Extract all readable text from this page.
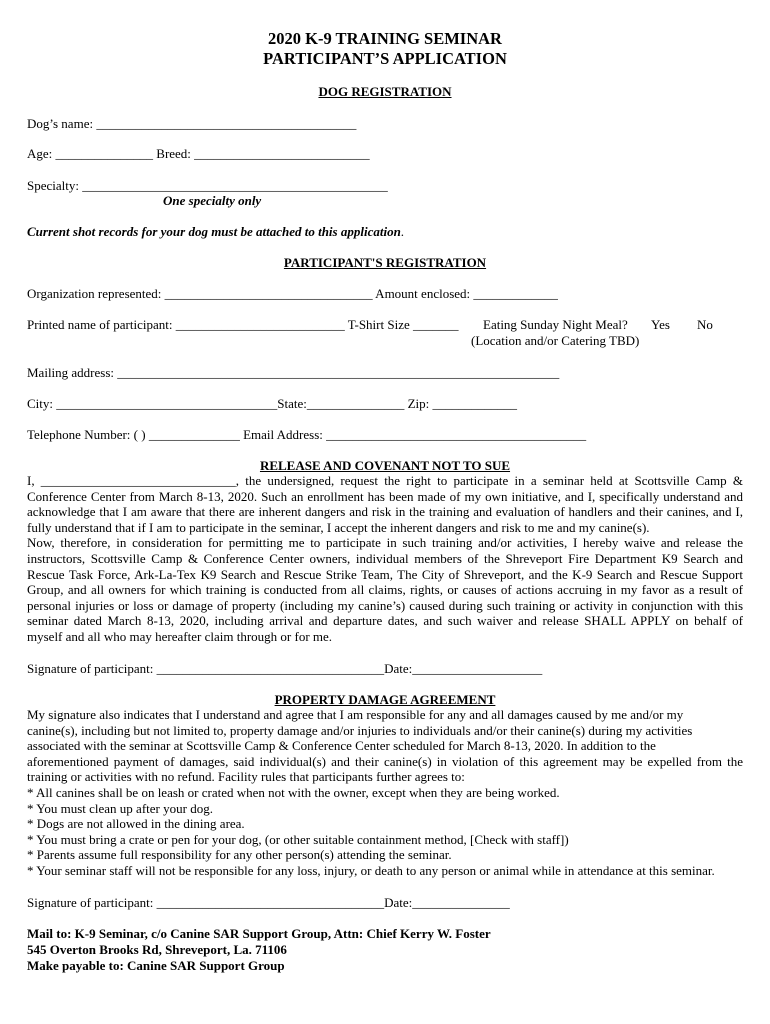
2020 K-9 TRAINING SEMINAR
PARTICIPANT’S APPLICATION
DOG REGISTRATION
Dog’s name: ________________________________________
Age: _______________ Breed: ___________________________
Specialty: _______________________________________________
One specialty only
Current shot records for your dog must be attached to this application.
PARTICIPANT'S REGISTRATION
Organization represented: ________________________________ Amount enclosed: _____________
Printed name of participant: __________________________ T-Shirt Size _______ Eating Sunday Night Meal? Yes No
(Location and/or Catering TBD)
Mailing address: ____________________________________________________________________
City: __________________________________State:_______________ Zip: _____________
Telephone Number: ( ) ______________ Email Address: ________________________________________
RELEASE AND COVENANT NOT TO SUE
I, ______________________________, the undersigned, request the right to participate in a seminar held at Scottsville Camp &
Conference Center from March 8-13, 2020. Such an enrollment has been made of my own initiative, and I, specifically understand and
acknowledge that I am aware that there are inherent dangers and risk in the training and evaluation of handlers and their canines, and I,
fully understand that if I am to participate in the seminar, I accept the inherent dangers and risk to me and my canine(s).
Now, therefore, in consideration for permitting me to participate in such training and/or activities, I hereby waive and release the
instructors, Scottsville Camp & Conference Center owners, individual members of the Shreveport Fire Department K9 Search and
Rescue Task Force, Ark-La-Tex K9 Search and Rescue Strike Team, The City of Shreveport, and the K-9 Search and Rescue Support
Group, and all owners for which training is conducted from all claims, rights, or causes of actions accruing in my favor as a result of
personal injuries or loss or damage of property (including my canine’s) caused during such training or activity in conjunction with this
seminar dated March 8-13, 2020, including arrival and departure dates, and such waiver and release SHALL APPLY on behalf of
myself and all who may hereafter claim through or for me.
Signature of participant: ___________________________________Date:____________________
PROPERTY DAMAGE AGREEMENT
My signature also indicates that I understand and agree that I am responsible for any and all damages caused by me and/or my
canine(s), including but not limited to, property damage and/or injuries to individuals and/or their canine(s) during my activities
associated with the seminar at Scottsville Camp & Conference Center scheduled for March 8-13, 2020. In addition to the
aforementioned payment of damages, said individual(s) and their canine(s) in violation of this agreement may be expelled from the
training or activities with no refund. Facility rules that participants further agrees to:
* All canines shall be on leash or crated when not with the owner, except when they are being worked.
* You must clean up after your dog.
* Dogs are not allowed in the dining area.
* You must bring a crate or pen for your dog, (or other suitable containment method, [Check with staff])
* Parents assume full responsibility for any other person(s) attending the seminar.
* Your seminar staff will not be responsible for any loss, injury, or death to any person or animal while in attendance at this seminar.
Signature of participant: ___________________________________Date:_______________
Mail to: K-9 Seminar, c/o Canine SAR Support Group, Attn: Chief Kerry W. Foster
545 Overton Brooks Rd, Shreveport, La. 71106
Make payable to: Canine SAR Support Group
